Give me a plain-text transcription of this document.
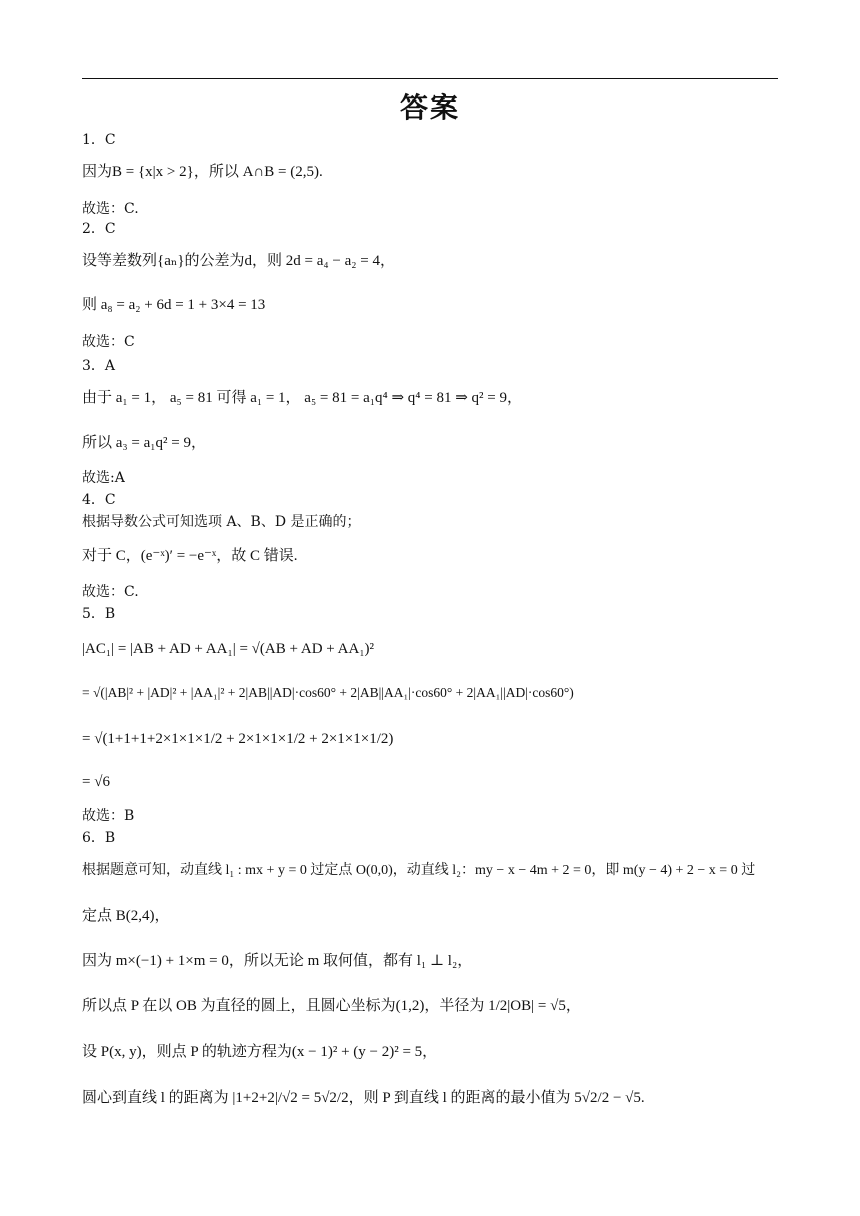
答案
1．C
因为B = {x|x > 2}，所以 A∩B = (2,5).
故选：C.
2．C
设等差数列{aₙ}的公差为d，则 2d = a₄ − a₂ = 4，
则 a₈ = a₂ + 6d = 1 + 3×4 = 13
故选：C
3．A
由于 a₁ = 1， a₅ = 81 可得 a₁ = 1， a₅ = 81 = a₁q⁴ ⇒ q⁴ = 81 ⇒ q² = 9，
所以 a₃ = a₁q² = 9，
故选:A
4．C
根据导数公式可知选项 A、B、D 是正确的；
对于 C，(e⁻ˣ)′ = −e⁻ˣ，故 C 错误.
故选：C.
5．B
|AC₁| = |AB + AD + AA₁| = √(AB + AD + AA₁)²
= √(|AB|² + |AD|² + |AA₁|² + 2|AB||AD|·cos60° + 2|AB||AA₁|·cos60° + 2|AA₁||AD|·cos60°)
= √(1+1+1+2×1×1×1/2 + 2×1×1×1/2 + 2×1×1×1/2)
= √6
故选：B
6．B
根据题意可知，动直线 l₁ : mx + y = 0 过定点 O(0,0)，动直线 l₂：my − x − 4m + 2 = 0，即 m(y − 4) + 2 − x = 0 过
定点 B(2,4)，
因为 m×(−1) + 1×m = 0，所以无论 m 取何值，都有 l₁ ⊥ l₂，
所以点 P 在以 OB 为直径的圆上，且圆心坐标为(1,2)，半径为 1/2|OB| = √5，
设 P(x, y)，则点 P 的轨迹方程为(x − 1)² + (y − 2)² = 5，
圆心到直线 l 的距离为 |1+2+2|/√2 = 5√2/2，则 P 到直线 l 的距离的最小值为 5√2/2 − √5.
